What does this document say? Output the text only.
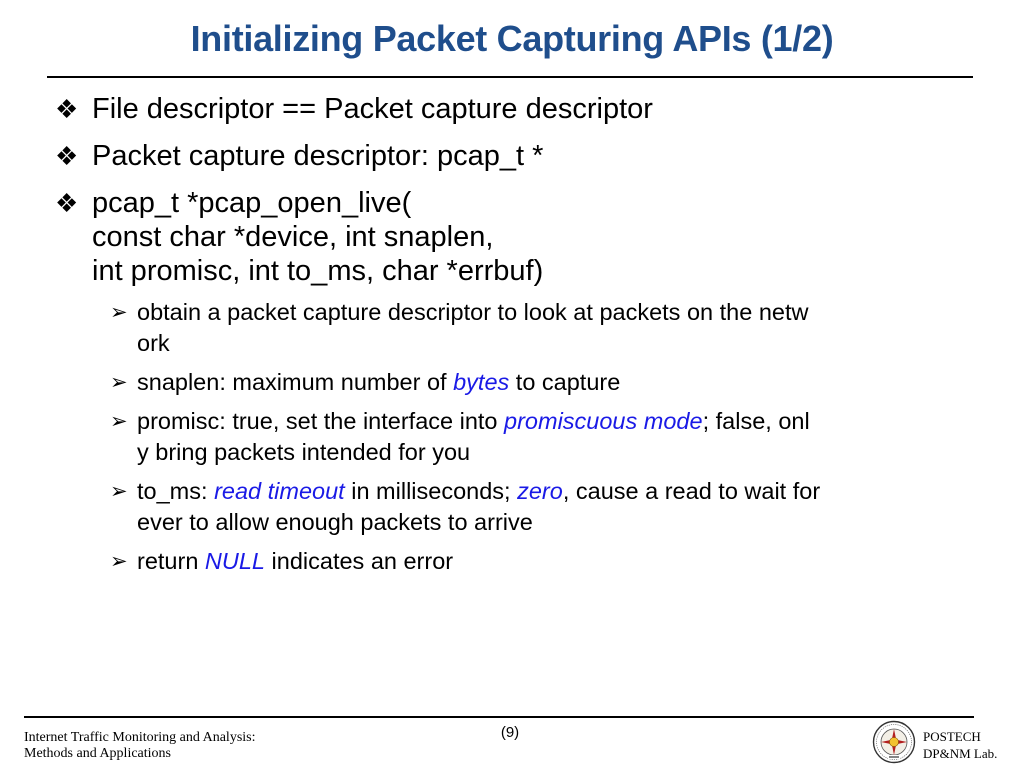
Initializing Packet Capturing APIs (1/2)
❖ File descriptor == Packet capture descriptor
❖ Packet capture descriptor: pcap_t *
❖ pcap_t *pcap_open_live(
const char *device, int snaplen,
int promisc, int to_ms, char *errbuf)
➢ obtain a packet capture descriptor to look at packets on the netw
ork
➢ snaplen: maximum number of bytes to capture
➢ promisc: true, set the interface into promiscuous mode; false, onl
y bring packets intended for you
➢ to_ms: read timeout in milliseconds; zero, cause a read to wait for
ever to allow enough packets to arrive
➢ return NULL indicates an error
Internet Traffic Monitoring and Analysis:
Methods and Applications
(9)	POSTECH
DP&NM Lab.
